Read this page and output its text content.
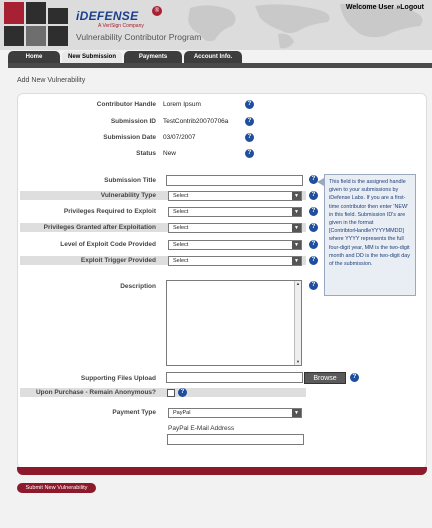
iDEFENSE	®
A VeriSign Company
Vulnerability Contributor Program
Welcome User »Logout
Home	New Submission	Payments	Account Info.
Add New Vulnerability
Contributor Handle Lorem Ipsum	?
Submission ID TestContrib20070706a	?
Submission Date 03/07/2007	?
Status New	?
Submission Title	?
Vulnerability Type	Select	▼	?
Privileges Required to Exploit	Select	▼	?
Privileges Granted after Exploitation	Select	▼	?
Level of Exploit Code Provided	Select	▼	?
Exploit Trigger Provided	Select	▼	?
Description	▲
▼
?
This field is the assigned handle given to your submissions by iDefense Labs. If you are a first-time contributor then enter 'NEW' in this field. Submission ID's are given in the format [ContribtorHandleYYYYMMDD] where YYYY represents the full four-digit year, MM is the two-digit month and DD is the two-digit day of the submission.
Supporting Files Upload	Browse	?
Upon Purchase - Remain Anonymous?	?
Payment Type	PayPal	▼
PayPal E-Mail Address
Submit New Vulnerability
